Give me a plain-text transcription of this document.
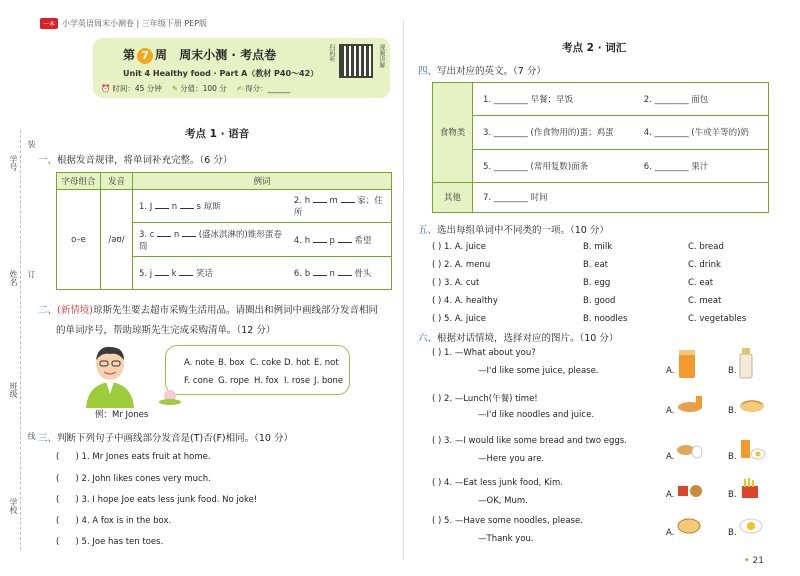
学号
姓名
班级
学校
装
订
线
一本 小学英语周末小测卷 | 三年级下册 PEP版
第 7 周 周末小测 · 考点卷
Unit 4 Healthy food · Part A（教材 P40～42）
⏰ 时间：45 分钟 ✎ 分值：100 分 ✍ 得分：______
扫码听	视频讲解
考点 1 · 语音
一、根据发音规律，将单词补充完整。（6 分）
字母组合	发音	例词	
o–e	/əʊ/	1. J n s 琼斯	2. h m 家；住所
		3. c n (盛冰淇淋的)锥形蛋卷筒	4. h p 希望
		5. j k 笑话	6. b n 骨头
二、(新情境)琼斯先生要去超市采购生活用品。请圈出和例词中画线部分发音相同
的单词序号，帮助琼斯先生完成采购清单。（12 分）
例：Mr Jones
A. note B. box C. coke D. hot E. not
F. cone G. rope H. fox I. rose J. bone
三、判断下列句子中画线部分发音是(T)否(F)相同。（10 分）
(      ) 1. Mr Jones eats fruit at home.
(      ) 2. John likes cones very much.
(      ) 3. I hope Joe eats less junk food. No joke!
(      ) 4. A fox is in the box.
(      ) 5. Joe has ten toes.
考点 2 · 词汇
四、写出对应的英文。（7 分）
食物类	1. ________ 早餐；早饭	2. ________ 面包
	3. ________ (作食物用的)蛋；鸡蛋	4. ________ (牛或羊等的)奶
	5. ________ (常用复数)面条	6. ________ 果汁
其他	7. ________ 时间	
五、选出每组单词中不同类的一项。（10 分）
( ) 1. A. juice	B. milk	C. bread
( ) 2. A. menu	B. eat	C. drink
( ) 3. A. cut	B. egg	C. eat
( ) 4. A. healthy	B. good	C. meat
( ) 5. A. juice	B. noodles	C. vegetables
六、根据对话情境，选择对应的图片。（10 分）
( ) 1. —What about you?
—I'd like some juice, please.
( ) 2. —Lunch(午餐) time!
—I'd like noodles and juice.
( ) 3. —I would like some bread and two eggs.
—Here you are.
( ) 4. —Eat less junk food, Kim.
—OK, Mum.
( ) 5. —Have some noodles, please.
—Thank you.
A.	B.
A.	B.
A.	B.
A.	B.
A.	B.
• 21
